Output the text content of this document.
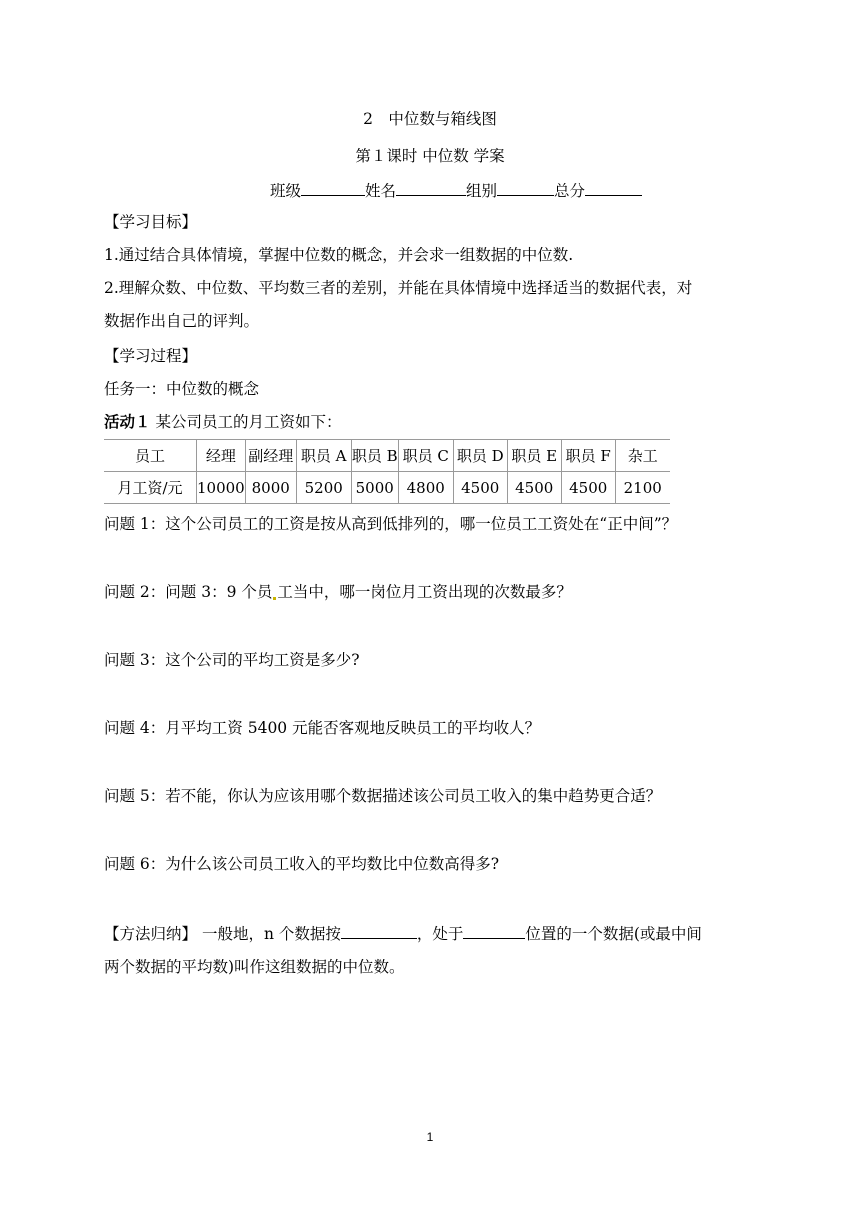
2　中位数与箱线图
第１课时 中位数 学案
班级	姓名	组别	总分
【学习目标】
1.通过结合具体情境，掌握中位数的概念，并会求一组数据的中位数.
2.理解众数、中位数、平均数三者的差别，并能在具体情境中选择适当的数据代表，对
数据作出自己的评判。
【学习过程】
任务一：中位数的概念
活动１ 某公司员工的月工资如下：
员工	经理	副经理	职员 A	职员 B	职员 C	职员 D	职员 E	职员 F	杂工
月工资/元	10000	8000	5200	5000	4800	4500	4500	4500	2100
问题 1：这个公司员工的工资是按从高到低排列的，哪一位员工工资处在“正中间”？
问题 2：问题 3：9 个员 工当中，哪一岗位月工资出现的次数最多？
问题 3：这个公司的平均工资是多少?
问题 4：月平均工资 5400 元能否客观地反映员工的平均收人？
问题 5：若不能，你认为应该用哪个数据描述该公司员工收入的集中趋势更合适？
问题 6：为什么该公司员工收入的平均数比中位数高得多?
【方法归纳】 一般地，n 个数据按	，处于	位置的一个数据(或最中间
两个数据的平均数)叫作这组数据的中位数。
1
